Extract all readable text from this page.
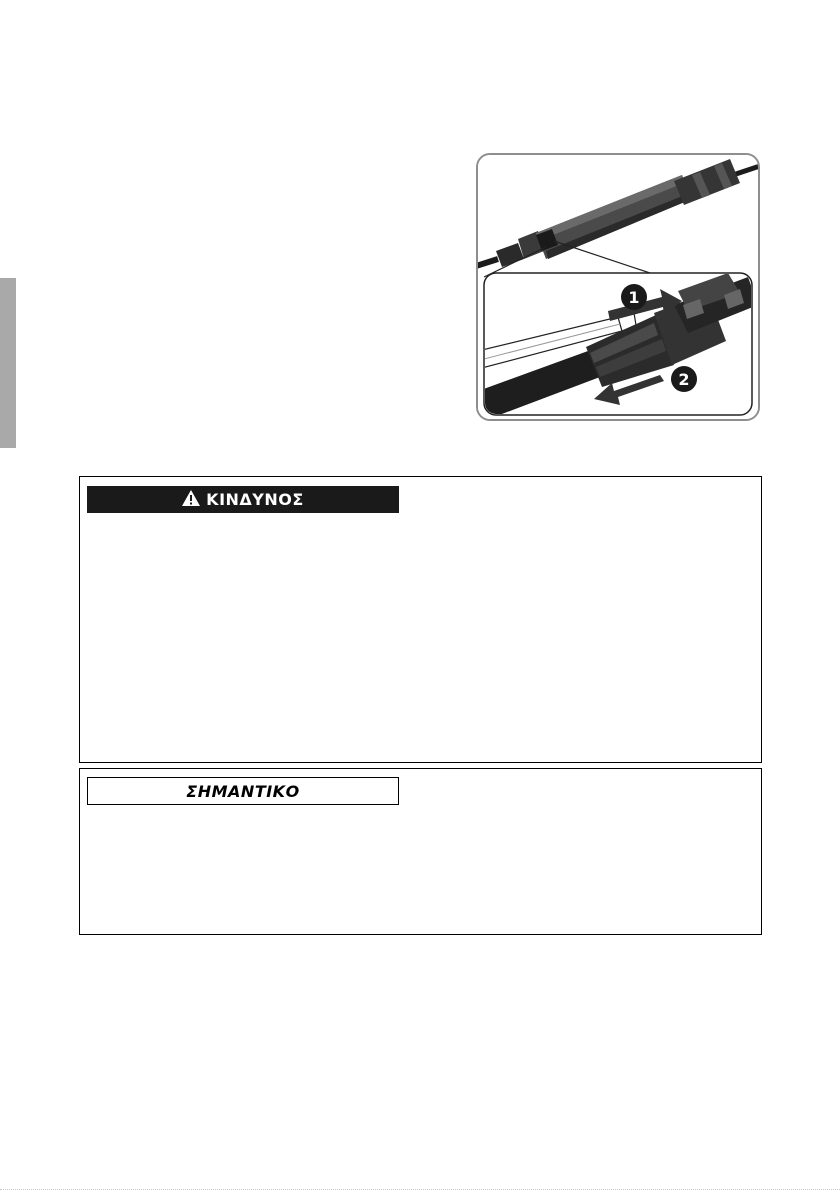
1
2
ΚΙΝΔΥΝΟΣ
ΣΗΜΑΝΤΙΚΟ
